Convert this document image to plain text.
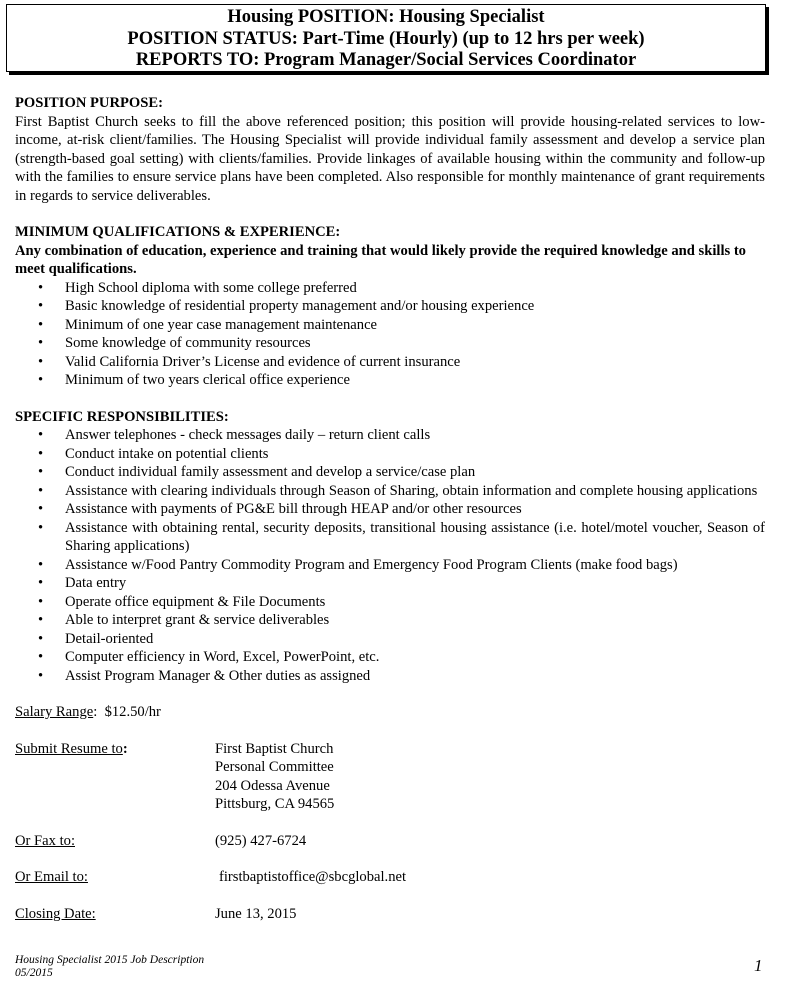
Housing POSITION: Housing Specialist
POSITION STATUS: Part-Time (Hourly) (up to 12 hrs per week)
REPORTS TO: Program Manager/Social Services Coordinator
POSITION PURPOSE:
First Baptist Church seeks to fill the above referenced position; this position will provide housing-related services to low-income, at-risk client/families. The Housing Specialist will provide individual family assessment and develop a service plan (strength-based goal setting) with clients/families. Provide linkages of available housing within the community and follow-up with the families to ensure service plans have been completed. Also responsible for monthly maintenance of grant requirements in regards to service deliverables.
MINIMUM QUALIFICATIONS & EXPERIENCE:
Any combination of education, experience and training that would likely provide the required knowledge and skills to meet qualifications.
• High School diploma with some college preferred
• Basic knowledge of residential property management and/or housing experience
• Minimum of one year case management maintenance
• Some knowledge of community resources
• Valid California Driver’s License and evidence of current insurance
• Minimum of two years clerical office experience
SPECIFIC RESPONSIBILITIES:
• Answer telephones - check messages daily – return client calls
• Conduct intake on potential clients
• Conduct individual family assessment and develop a service/case plan
• Assistance with clearing individuals through Season of Sharing, obtain information and complete housing applications
• Assistance with payments of PG&E bill through HEAP and/or other resources
• Assistance with obtaining rental, security deposits, transitional housing assistance (i.e. hotel/motel voucher, Season of Sharing applications)
• Assistance w/Food Pantry Commodity Program and Emergency Food Program Clients (make food bags)
• Data entry
• Operate office equipment & File Documents
• Able to interpret grant & service deliverables
• Detail-oriented
• Computer efficiency in Word, Excel, PowerPoint, etc.
• Assist Program Manager & Other duties as assigned
Salary Range: $12.50/hr
Submit Resume to:	First Baptist Church
Personal Committee
204 Odessa Avenue
Pittsburg, CA 94565
Or Fax to:	(925) 427-6724
Or Email to:	firstbaptistoffice@sbcglobal.net
Closing Date:	June 13, 2015
Housing Specialist 2015 Job Description
05/2015	1
